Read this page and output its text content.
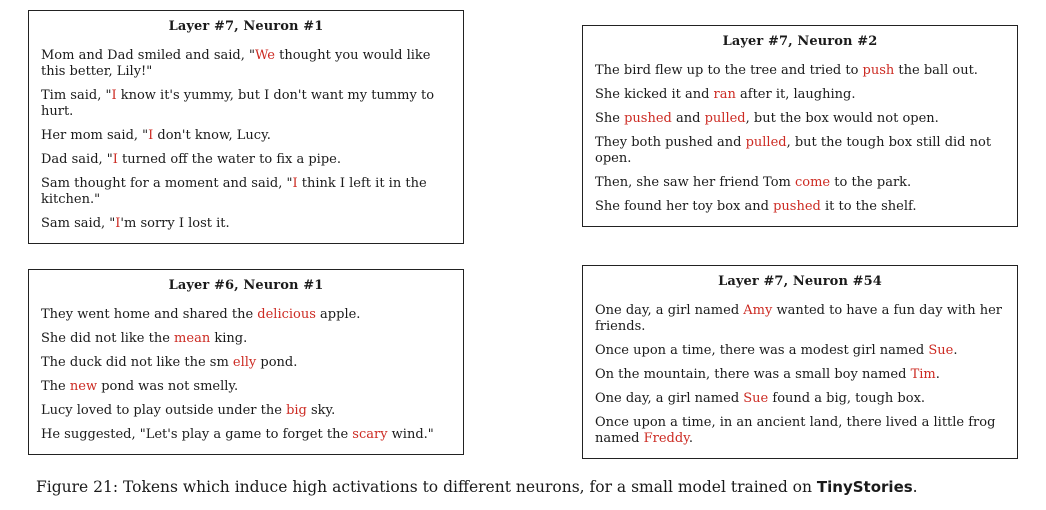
Layer #7, Neuron #1
Mom and Dad smiled and said, "We thought you would like this better, Lily!"
Tim said, "I know it's yummy, but I don't want my tummy to hurt.
Her mom said, "I don't know, Lucy.
Dad said, "I turned off the water to fix a pipe.
Sam thought for a moment and said, "I think I left it in the kitchen."
Sam said, "I'm sorry I lost it.
Layer #7, Neuron #2
The bird flew up to the tree and tried to push the ball out.
She kicked it and ran after it, laughing.
She pushed and pulled, but the box would not open.
They both pushed and pulled, but the tough box still did not open.
Then, she saw her friend Tom come to the park.
She found her toy box and pushed it to the shelf.
Layer #6, Neuron #1
They went home and shared the delicious apple.
She did not like the mean king.
The duck did not like the sm elly pond.
The new pond was not smelly.
Lucy loved to play outside under the big sky.
He suggested, "Let's play a game to forget the scary wind."
Layer #7, Neuron #54
One day, a girl named Amy wanted to have a fun day with her friends.
Once upon a time, there was a modest girl named Sue.
On the mountain, there was a small boy named Tim.
One day, a girl named Sue found a big, tough box.
Once upon a time, in an ancient land, there lived a little frog named Freddy.
Figure 21: Tokens which induce high activations to different neurons, for a small model trained on TinyStories.
